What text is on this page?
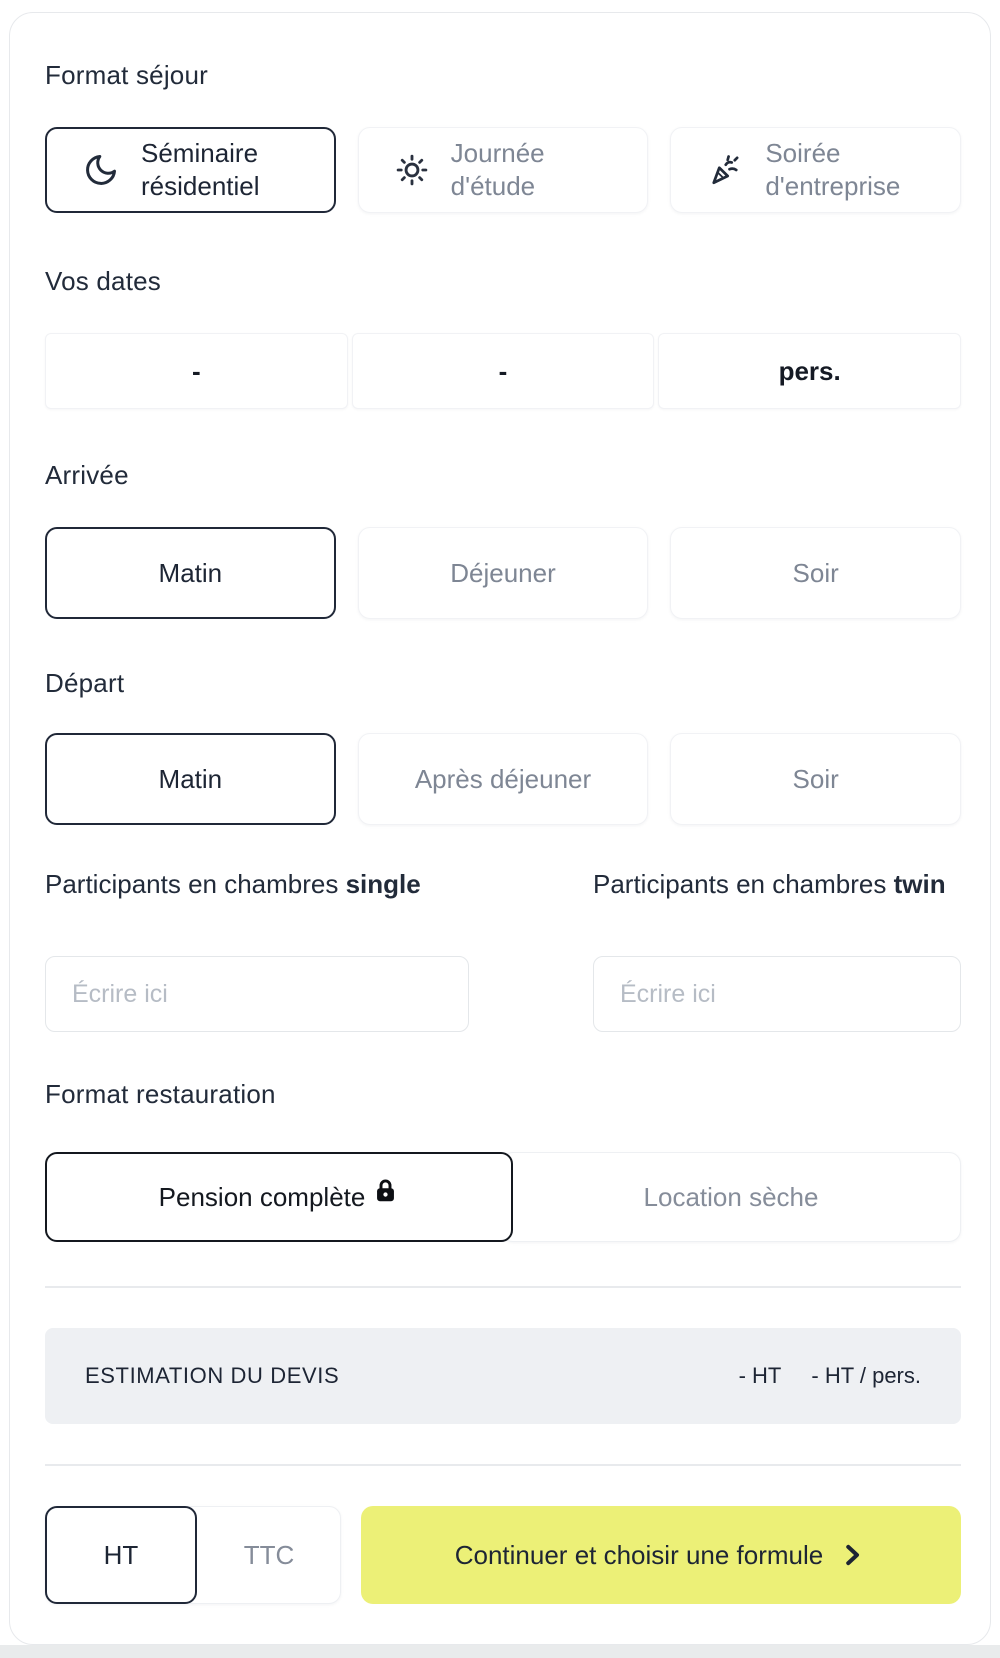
Format séjour
Séminaire résidentiel
Journée d'étude
Soirée d'entreprise
Vos dates
-	-	pers.
Arrivée
Matin	Déjeuner	Soir
Départ
Matin	Après déjeuner	Soir
Participants en chambres single
Écrire ici	Participants en chambres twin
Écrire ici
Format restauration
Pension complète	Location sèche
ESTIMATION DU DEVIS	- HT - HT / pers.
TTC
HT	Continuer et choisir une formule
